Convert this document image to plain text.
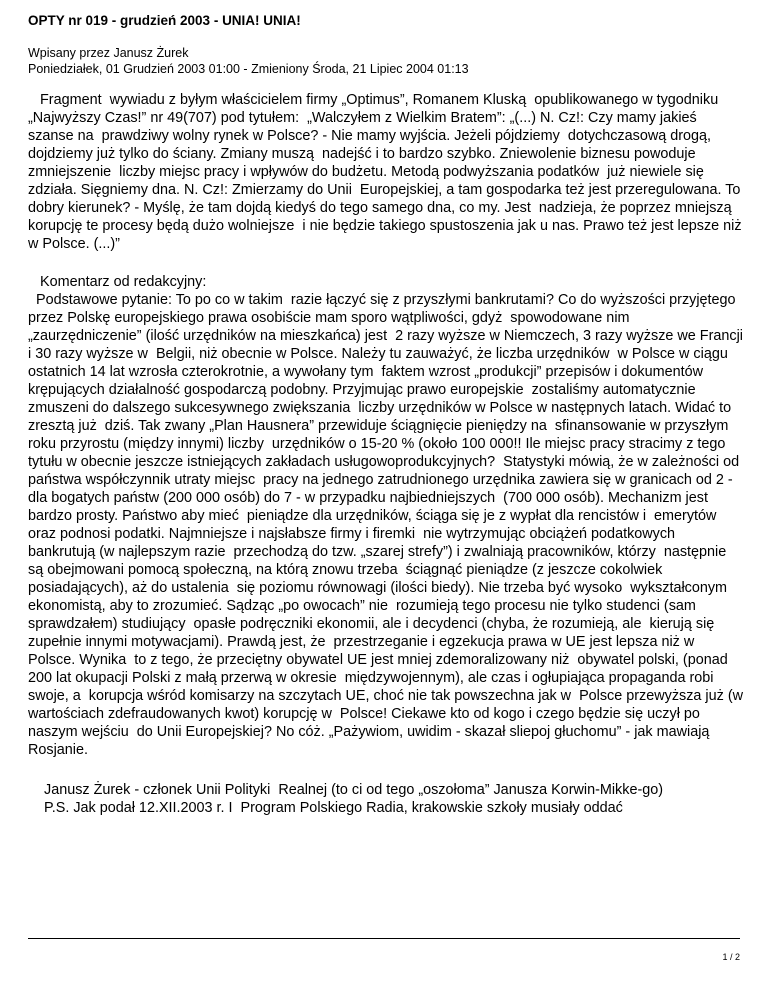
OPTY nr 019 - grudzień 2003 - UNIA! UNIA!
Wpisany przez Janusz Żurek
Poniedziałek, 01 Grudzień 2003 01:00 - Zmieniony Środa, 21 Lipiec 2004 01:13

Fragment  wywiadu z byłym właścicielem firmy „Optimus”, Romanem Kluską  opublikowanego w tygodniku „Najwyższy Czas!” nr 49(707) pod tytułem:  „Walczyłem z Wielkim Bratem”: „(...) N. Cz!: Czy mamy jakieś szanse na  prawdziwy wolny rynek w Polsce? - Nie mamy wyjścia. Jeżeli pójdziemy  dotychczasową drogą, dojdziemy już tylko do ściany. Zmiany muszą  nadejść i to bardzo szybko. Zniewolenie biznesu powoduje zmniejszenie  liczby miejsc pracy i wpływów do budżetu. Metodą podwyższania podatków  już niewiele się zdziała. Sięgniemy dna. N. Cz!: Zmierzamy do Unii  Europejskiej, a tam gospodarka też jest przeregulowana. To dobry kierunek? - Myślę, że tam dojdą kiedyś do tego samego dna, co my. Jest  nadzieja, że poprzez mniejszą korupcję te procesy będą dużo wolniejsze  i nie będzie takiego spustoszenia jak u nas. Prawo też jest lepsze niż  w Polsce. (...)”

Komentarz od redakcyjny:

Podstawowe pytanie: To po co w takim  razie łączyć się z przyszłymi bankrutami? Co do wyższości przyjętego  przez Polskę europejskiego prawa osobiście mam sporo wątpliwości, gdyż  spowodowane nim „zaurzędniczenie” (ilość urzędników na mieszkańca) jest  2 razy wyższe w Niemczech, 3 razy wyższe we Francji i 30 razy wyższe w  Belgii, niż obecnie w Polsce. Należy tu zauważyć, że liczba urzędników  w Polsce w ciągu ostatnich 14 lat wzrosła czterokrotnie, a wywołany tym  faktem wzrost „produkcji” przepisów i dokumentów krępujących działalność gospodarczą podobny. Przyjmując prawo europejskie  zostaliśmy automatycznie zmuszeni do dalszego sukcesywnego zwiększania  liczby urzędników w Polsce w następnych latach. Widać to zresztą już  dziś. Tak zwany „Plan Hausnera” przewiduje ściągnięcie pieniędzy na  sfinansowanie w przyszłym roku przyrostu (między innymi) liczby  urzędników o 15-20 % (około 100 000!! Ile miejsc pracy stracimy z tego  tytułu w obecnie jeszcze istniejących zakładach usługowoprodukcyjnych?  Statystyki mówią, że w zależności od państwa współczynnik utraty miejsc  pracy na jednego zatrudnionego urzędnika zawiera się w granicach od 2 -  dla bogatych państw (200 000 osób) do 7 - w przypadku najbiedniejszych  (700 000 osób). Mechanizm jest bardzo prosty. Państwo aby mieć  pieniądze dla urzędników, ściąga się je z wypłat dla rencistów i  emerytów oraz podnosi podatki. Najmniejsze i najsłabsze firmy i firemki  nie wytrzymując obciążeń podatkowych bankrutują (w najlepszym razie  przechodzą do tzw. „szarej strefy”) i zwalniają pracowników, którzy  następnie są obejmowani pomocą społeczną, na którą znowu trzeba  ściągnąć pieniądze (z jeszcze cokolwiek posiadających), aż do ustalenia  się poziomu równowagi (ilości biedy). Nie trzeba być wysoko  wykształconym ekonomistą, aby to zrozumieć. Sądząc „po owocach” nie  rozumieją tego procesu nie tylko studenci (sam sprawdzałem) studiujący  opasłe podręczniki ekonomii, ale i decydenci (chyba, że rozumieją, ale  kierują się zupełnie innymi motywacjami). Prawdą jest, że  przestrzeganie i egzekucja prawa w UE jest lepsza niż w Polsce. Wynika  to z tego, że przeciętny obywatel UE jest mniej zdemoralizowany niż  obywatel polski, (ponad 200 lat okupacji Polski z małą przerwą w okresie  międzywojennym), ale czas i ogłupiająca propaganda robi swoje, a  korupcja wśród komisarzy na szczytach UE, choć nie tak powszechna jak w  Polsce przewyższa już (w wartościach zdefraudowanych kwot) korupcję w  Polsce! Ciekawe kto od kogo i czego będzie się uczył po naszym wejściu  do Unii Europejskiej? No cóż. „Pażywiom, uwidim - skazał sliepoj głuchomu” - jak mawiają Rosjanie.

Janusz Żurek - członek Unii Polityki  Realnej (to ci od tego „oszołoma” Janusza Korwin-Mikke-go)

P.S. Jak podał 12.XII.2003 r. I  Program Polskiego Radia, krakowskie szkoły musiały oddać

1 / 2
